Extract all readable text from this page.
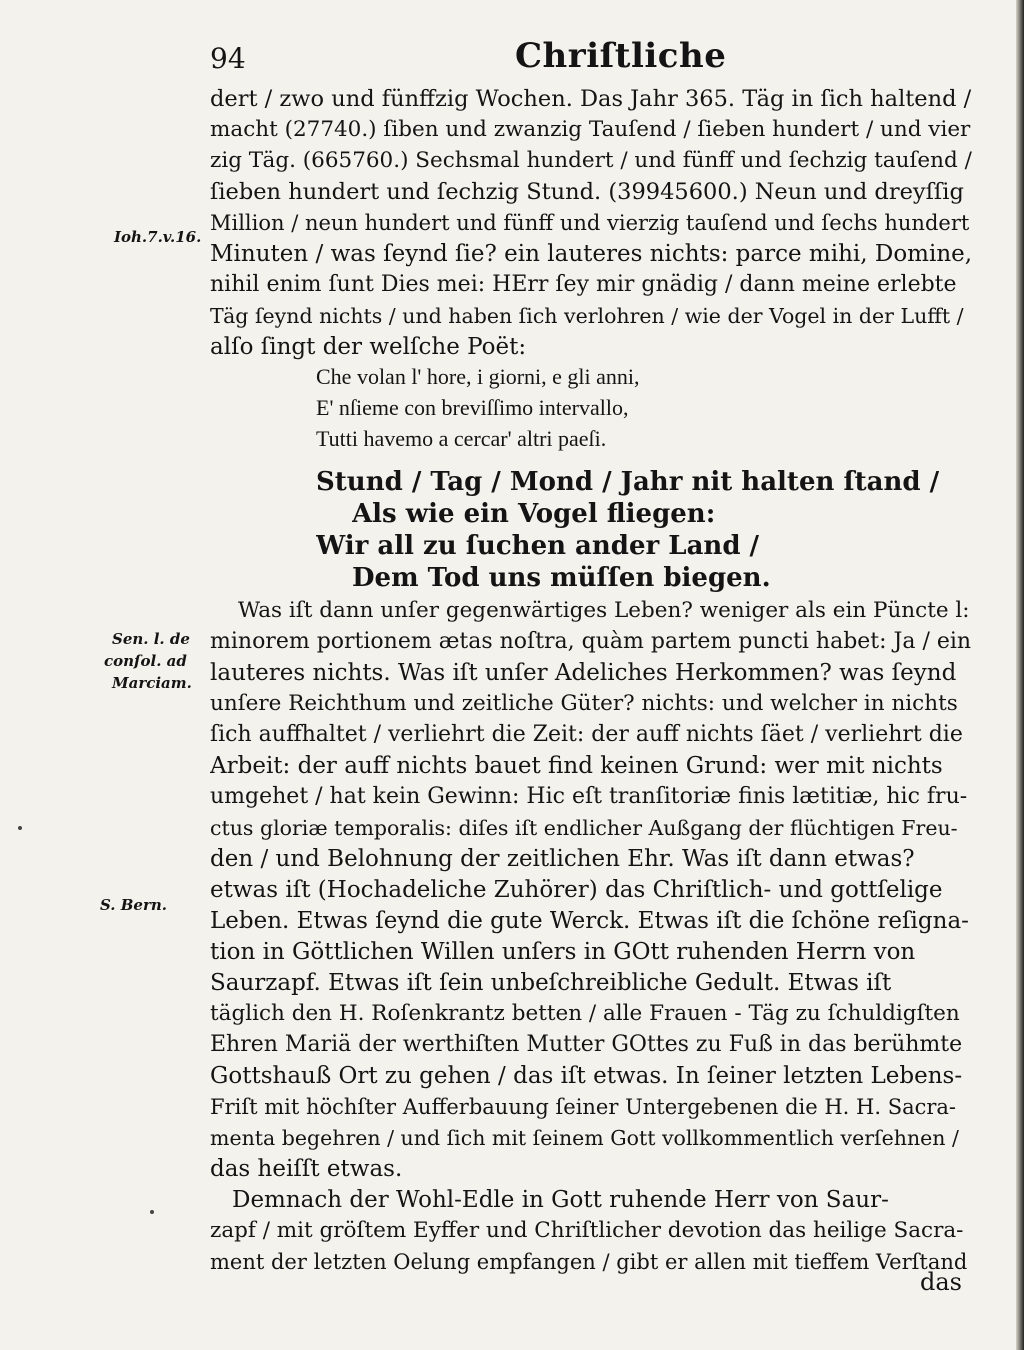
94	Chriſtliche
Ioh.7.v.16.
Sen. l. de
conſol. ad
Marciam.
S. Bern.
dert / zwo und fünffzig Wochen. Das Jahr 365. Täg in ſich haltend /
macht (27740.) ſiben und zwanzig Tauſend / ſieben hundert / und vier
zig Täg. (665760.) Sechsmal hundert / und fünff und ſechzig tauſend /
ſieben hundert und ſechzig Stund. (39945600.) Neun und dreyſſig
Million / neun hundert und fünff und vierzig tauſend und ſechs hundert
Minuten / was ſeynd ſie? ein lauteres nichts: parce mihi, Domine,
nihil enim ſunt Dies mei: HErr ſey mir gnädig / dann meine erlebte
Täg ſeynd nichts / und haben ſich verlohren / wie der Vogel in der Lufft /
alſo ſingt der welſche Poët:
Che volan l' hore, i giorni, e gli anni,
E' nſieme con breviſſimo intervallo,
Tutti havemo a cercar' altri paeſi.
Stund / Tag / Mond / Jahr nit halten ſtand /
Als wie ein Vogel fliegen:
Wir all zu ſuchen ander Land /
Dem Tod uns müſſen biegen.
Was iſt dann unſer gegenwärtiges Leben? weniger als ein Püncte l:
minorem portionem ætas noſtra, quàm partem puncti habet: Ja / ein
lauteres nichts. Was iſt unſer Adeliches Herkommen? was ſeynd
unſere Reichthum und zeitliche Güter? nichts: und welcher in nichts
ſich auffhaltet / verliehrt die Zeit: der auff nichts ſäet / verliehrt die
Arbeit: der auff nichts bauet find keinen Grund: wer mit nichts
umgehet / hat kein Gewinn: Hic eſt tranſitoriæ finis lætitiæ, hic fru-
ctus gloriæ temporalis: diſes iſt endlicher Außgang der flüchtigen Freu-
den / und Belohnung der zeitlichen Ehr. Was iſt dann etwas?
etwas iſt (Hochadeliche Zuhörer) das Chriſtlich- und gottſelige
Leben. Etwas ſeynd die gute Werck. Etwas iſt die ſchöne reſigna-
tion in Göttlichen Willen unſers in GOtt ruhenden Herrn von
Saurzapf. Etwas iſt ſein unbeſchreibliche Gedult. Etwas iſt
täglich den H. Roſenkrantz betten / alle Frauen - Täg zu ſchuldigſten
Ehren Mariä der werthiſten Mutter GOttes zu Fuß in das berühmte
Gottshauß Ort zu gehen / das iſt etwas. In ſeiner letzten Lebens-
Friſt mit höchſter Aufferbauung ſeiner Untergebenen die H. H. Sacra-
menta begehren / und ſich mit ſeinem Gott vollkommentlich verſehnen /
das heiſſt etwas.
Demnach der Wohl-Edle in Gott ruhende Herr von Saur-
zapf / mit gröſtem Eyffer und Chriſtlicher devotion das heilige Sacra-
ment der letzten Oelung empfangen / gibt er allen mit tieffem Verſtand
das
